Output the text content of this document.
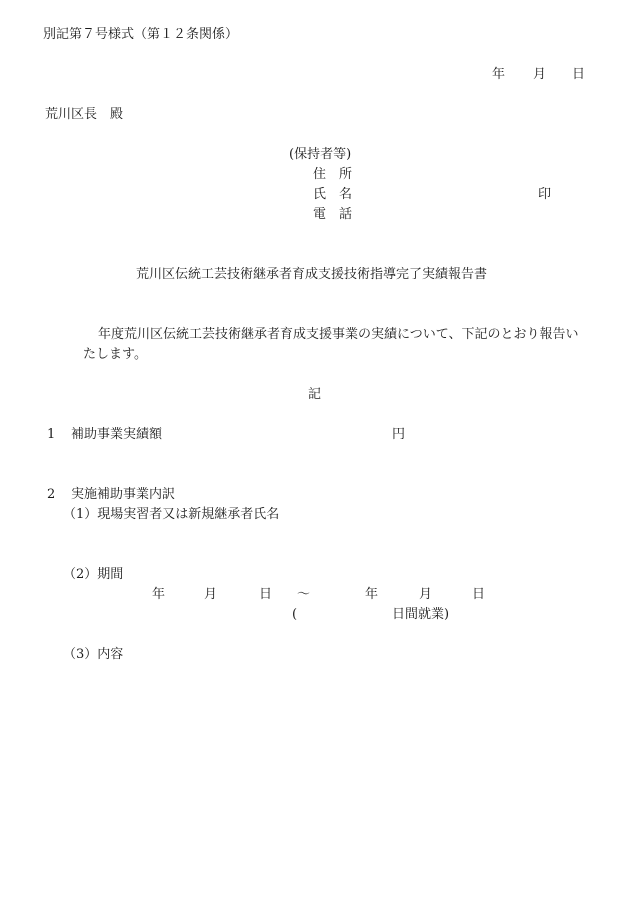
別記第７号様式（第１２条関係）

年 月 日

荒川区長　殿

(保持者等)

住　所

氏　名	印

電　話

荒川区伝統工芸技術継承者育成支援技術指導完了実績報告書

年度荒川区伝統工芸技術継承者育成支援事業の実績について、下記のとおり報告い

たします。

記

1 補助事業実績額	円

2 実施補助事業内訳

（1）現場実習者又は新規継承者氏名

（2）期間

年	月	日 ～	年	月	日

(	日間就業)

（3）内容
